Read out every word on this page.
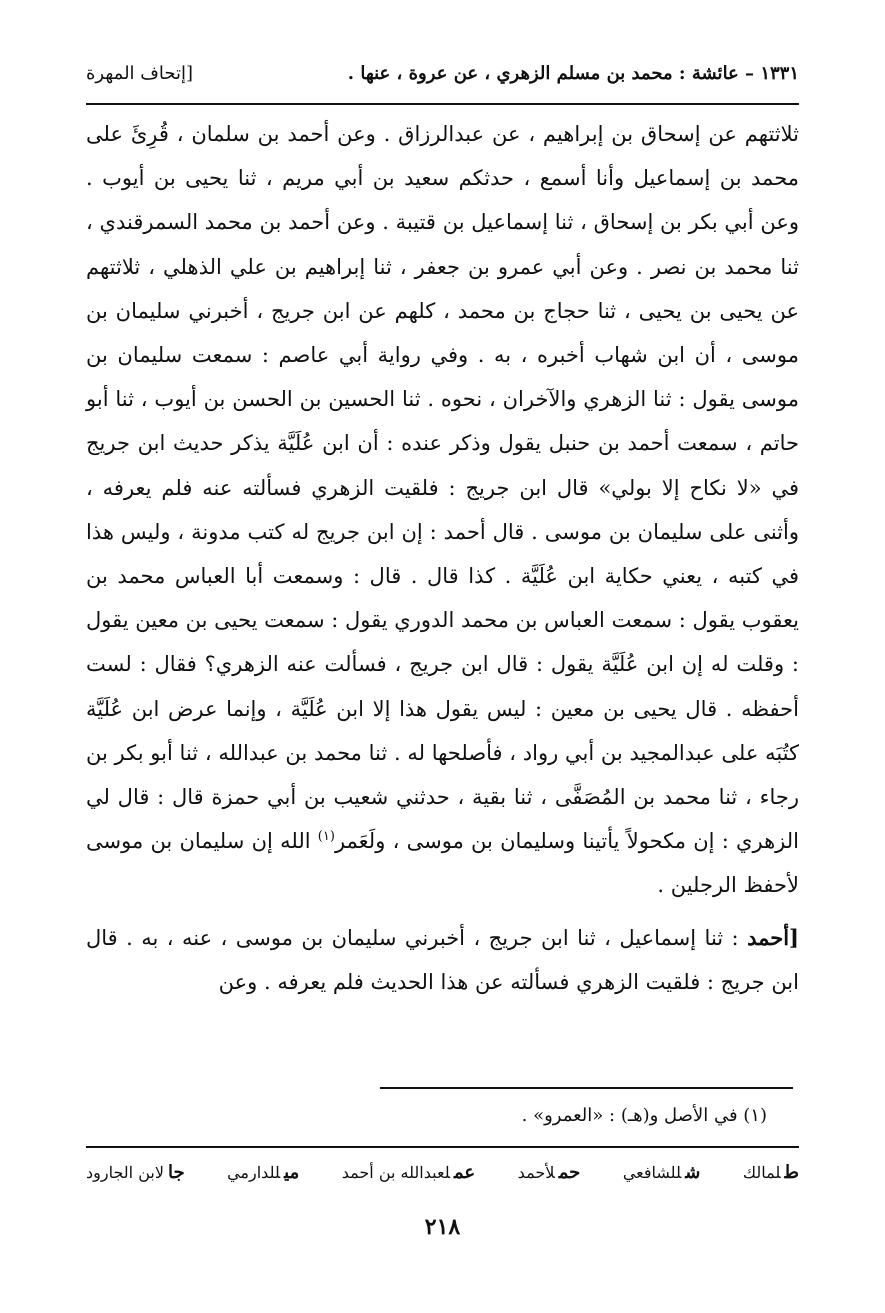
١٣٣١ – عائشة : محمد بن مسلم الزهري ، عن عروة ، عنها .
[إتحاف المهرة

ثلاثتهم عن إسحاق بن إبراهيم ، عن عبدالرزاق . وعن أحمد بن سلمان ، قُرِئَ على محمد بن إسماعيل وأنا أسمع ، حدثكم سعيد بن أبي مريم ، ثنا يحيى بن أيوب . وعن أبي بكر بن إسحاق ، ثنا إسماعيل بن قتيبة . وعن أحمد بن محمد السمرقندي ، ثنا محمد بن نصر . وعن أبي عمرو بن جعفر ، ثنا إبراهيم بن علي الذهلي ، ثلاثتهم عن يحيى بن يحيى ، ثنا حجاج بن محمد ، كلهم عن ابن جريج ، أخبرني سليمان بن موسى ، أن ابن شهاب أخبره ، به . وفي رواية أبي عاصم : سمعت سليمان بن موسى يقول : ثنا الزهري والآخران ، نحوه . ثنا الحسين بن الحسن بن أيوب ، ثنا أبو حاتم ، سمعت أحمد بن حنبل يقول وذكر عنده : أن ابن عُلَيَّة يذكر حديث ابن جريج في «لا نكاح إلا بولي» قال ابن جريج : فلقيت الزهري فسألته عنه فلم يعرفه ، وأثنى على سليمان بن موسى . قال أحمد : إن ابن جريج له كتب مدونة ، وليس هذا في كتبه ، يعني حكاية ابن عُلَيَّة . كذا قال . قال : وسمعت أبا العباس محمد بن يعقوب يقول : سمعت العباس بن محمد الدوري يقول : سمعت يحيى بن معين يقول : وقلت له إن ابن عُلَيَّة يقول : قال ابن جريج ، فسألت عنه الزهري؟ فقال : لست أحفظه . قال يحيى بن معين : ليس يقول هذا إلا ابن عُلَيَّة ، وإنما عرض ابن عُلَيَّة كتُبَه على عبدالمجيد بن أبي رواد ، فأصلحها له . ثنا محمد بن عبدالله ، ثنا أبو بكر بن رجاء ، ثنا محمد بن المُصَفَّى ، ثنا بقية ، حدثني شعيب بن أبي حمزة قال : قال لي الزهري : إن مكحولاً يأتينا وسليمان بن موسى ، ولَعَمر$^{(١)}$ الله إن سليمان بن موسى لأحفظ الرجلين .

[أحمد : ثنا إسماعيل ، ثنا ابن جريج ، أخبرني سليمان بن موسى ، عنه ، به . قال ابن جريج : فلقيت الزهري فسألته عن هذا الحديث فلم يعرفه . وعن

(١) في الأصل و(هـ) : «العمرو» .
طلمالك
شللشافعي
حملأحمد
عملعبدالله بن أحمد
ميللدارمي
جالابن الجارود
٢١٨
